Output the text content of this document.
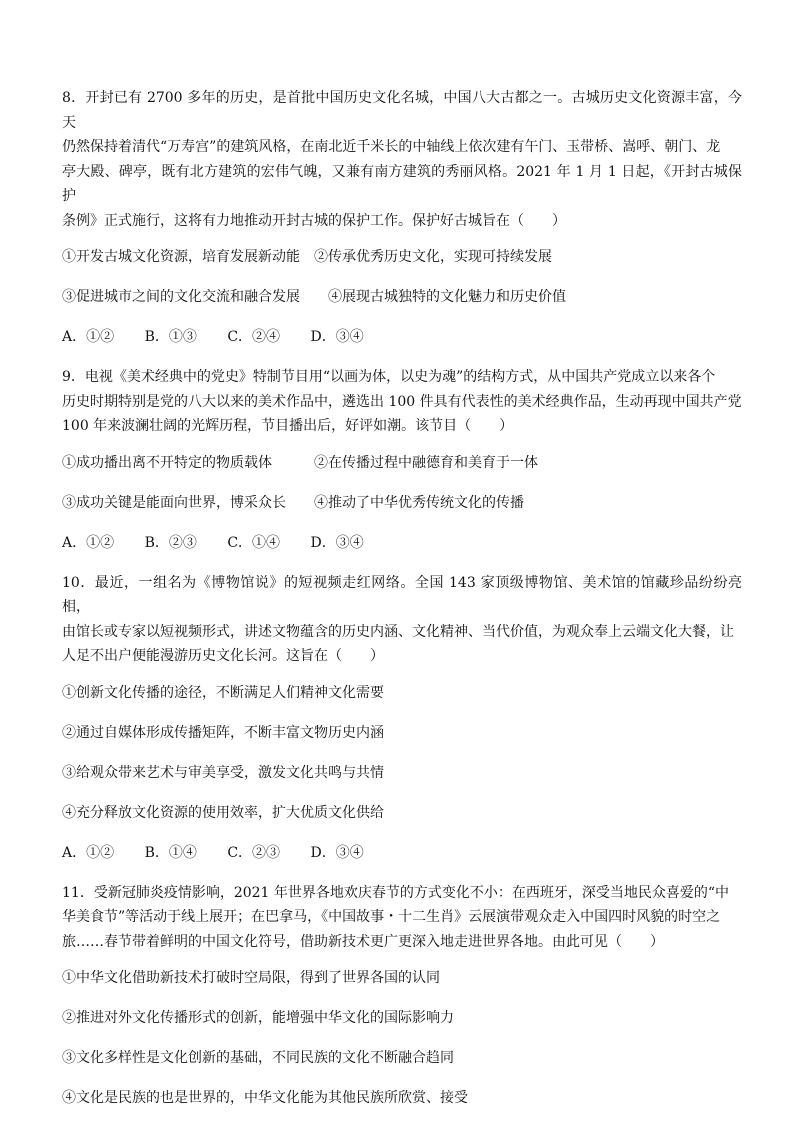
8．开封已有 2700 多年的历史，是首批中国历史文化名城，中国八大古都之一。古城历史文化资源丰富，今天
仍然保持着清代“万寿宫”的建筑风格，在南北近千米长的中轴线上依次建有午门、玉带桥、嵩呼、朝门、龙
亭大殿、碑亭，既有北方建筑的宏伟气魄，又兼有南方建筑的秀丽风格。2021 年 1 月 1 日起，《开封古城保护
条例》正式施行，这将有力地推动开封古城的保护工作。保护好古城旨在（　　）

①开发古城文化资源，培育发展新动能	②传承优秀历史文化，实现可持续发展

③促进城市之间的文化交流和融合发展	④展现古城独特的文化魅力和历史价值

A．①② B．①③ C．②④ D．③④

9．电视《美术经典中的党史》特制节目用“以画为体，以史为魂”的结构方式，从中国共产党成立以来各个
历史时期特别是党的八大以来的美术作品中，遴选出 100 件具有代表性的美术经典作品，生动再现中国共产党
100 年来波澜壮阔的光辉历程，节目播出后，好评如潮。该节目（　　）

①成功播出离不开特定的物质载体	②在传播过程中融德育和美育于一体

③成功关键是能面向世界，博采众长	④推动了中华优秀传统文化的传播

A．①② B．②③ C．①④ D．③④

10．最近，一组名为《博物馆说》的短视频走红网络。全国 143 家顶级博物馆、美术馆的馆藏珍品纷纷亮相，
由馆长或专家以短视频形式，讲述文物蕴含的历史内涵、文化精神、当代价值，为观众奉上云端文化大餐，让
人足不出户便能漫游历史文化长河。这旨在（　　）

①创新文化传播的途径，不断满足人们精神文化需要

②通过自媒体形成传播矩阵，不断丰富文物历史内涵

③给观众带来艺术与审美享受，激发文化共鸣与共情

④充分释放文化资源的使用效率，扩大优质文化供给

A．①② B．①④ C．②③ D．③④

11．受新冠肺炎疫情影响，2021 年世界各地欢庆春节的方式变化不小：在西班牙，深受当地民众喜爱的“中
华美食节”等活动于线上展开；在巴拿马，《中国故事・十二生肖》云展演带观众走入中国四时风貌的时空之
旅……春节带着鲜明的中国文化符号，借助新技术更广更深入地走进世界各地。由此可见（　　）

①中华文化借助新技术打破时空局限，得到了世界各国的认同

②推进对外文化传播形式的创新，能增强中华文化的国际影响力

③文化多样性是文化创新的基础，不同民族的文化不断融合趋同

④文化是民族的也是世界的，中华文化能为其他民族所欣赏、接受
